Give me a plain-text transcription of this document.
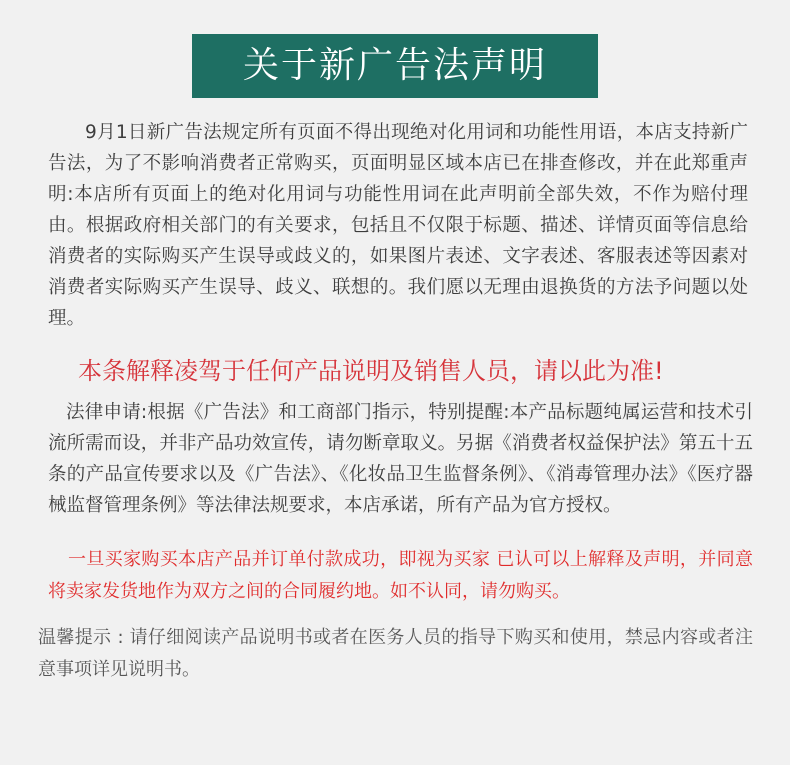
关于新广告法声明

9月1日新广告法规定所有页面不得出现绝对化用词和功能性用语，本店支持新广告法，为了不影响消费者正常购买，页面明显区域本店已在排查修改，并在此郑重声明:本店所有页面上的绝对化用词与功能性用词在此声明前全部失效，不作为赔付理由。根据政府相关部门的有关要求，包括且不仅限于标题、描述、详情页面等信息给消费者的实际购买产生误导或歧义的，如果图片表述、文字表述、客服表述等因素对消费者实际购买产生误导、歧义、联想的。我们愿以无理由退换货的方法予问题以处理。

本条解释凌驾于任何产品说明及销售人员，请以此为准!

法律申请:根据《广告法》和工商部门指示，特别提醒:本产品标题纯属运营和技术引流所需而设，并非产品功效宣传，请勿断章取义。另据《消费者权益保护法》第五十五条的产品宣传要求以及《广告法》、《化妆品卫生监督条例》、《消毒管理办法》《医疗器械监督管理条例》等法律法规要求，本店承诺，所有产品为官方授权。

一旦买家购买本店产品并订单付款成功，即视为买家 已认可以上解释及声明，并同意将卖家发货地作为双方之间的合同履约地。如不认同，请勿购买。

温馨提示 : 请仔细阅读产品说明书或者在医务人员的指导下购买和使用，禁忌内容或者注意事项详见说明书。
